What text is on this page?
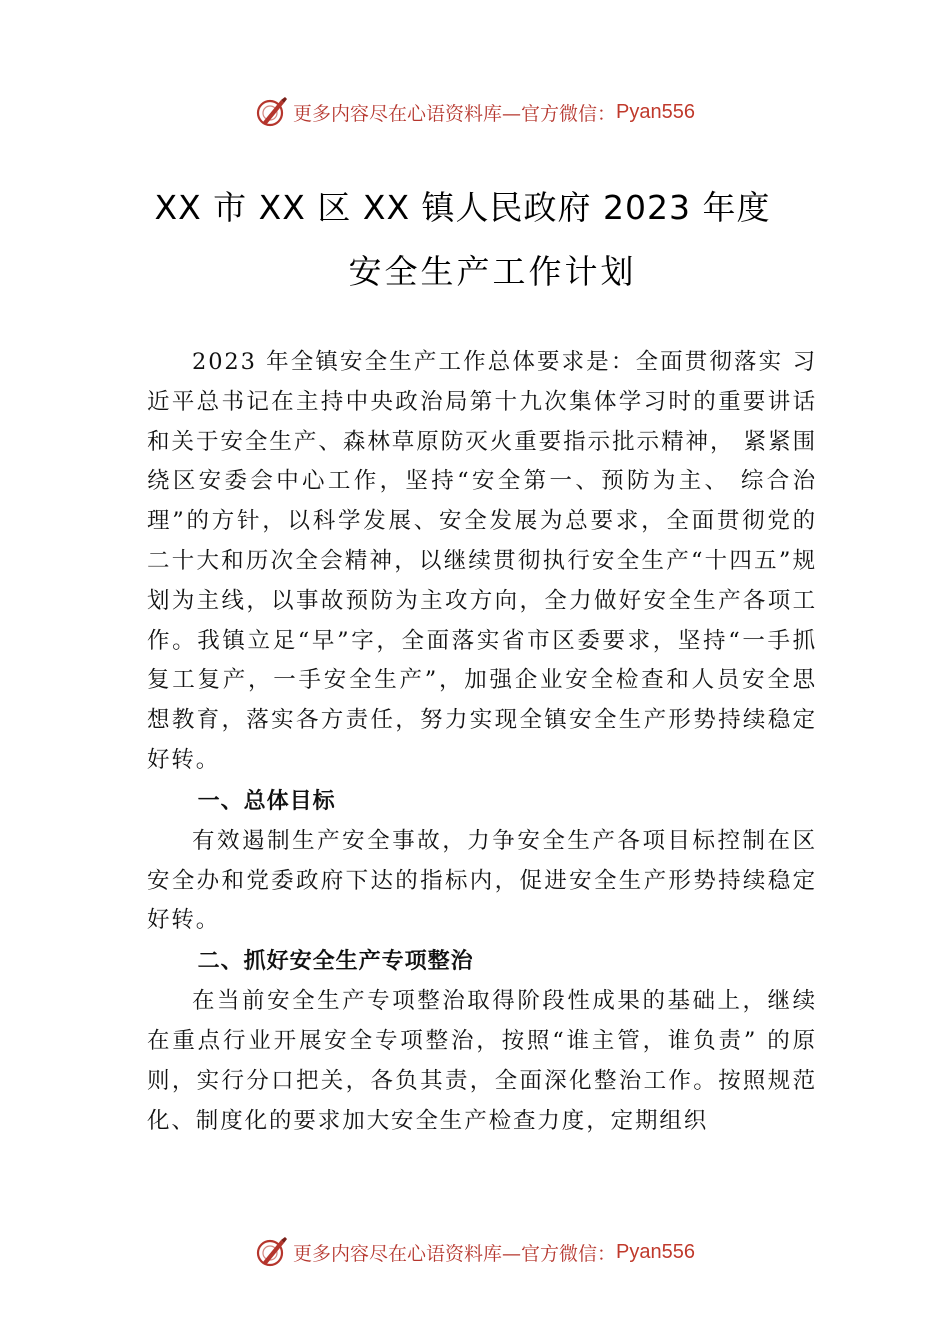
更多内容尽在心语资料库—官方微信： Pyan556
XX 市 XX 区 XX 镇人民政府 2023 年度
安全生产工作计划

2023 年全镇安全生产工作总体要求是：全面贯彻落实 习近平总书记在主持中央政治局第十九次集体学习时的重要讲话和关于安全生产、森林草原防灭火重要指示批示精神， 紧紧围绕区安委会中心工作，坚持“安全第一、预防为主、 综合治理”的方针，以科学发展、安全发展为总要求，全面贯彻党的二十大和历次全会精神，以继续贯彻执行安全生产“十四五”规划为主线，以事故预防为主攻方向，全力做好安全生产各项工作。我镇立足“早”字，全面落实省市区委要求，坚持“一手抓复工复产，一手安全生产”，加强企业安全检查和人员安全思想教育，落实各方责任，努力实现全镇安全生产形势持续稳定好转。

一、总体目标

有效遏制生产安全事故，力争安全生产各项目标控制在区安全办和党委政府下达的指标内，促进安全生产形势持续稳定好转。

二、抓好安全生产专项整治

在当前安全生产专项整治取得阶段性成果的基础上，继续在重点行业开展安全专项整治，按照“谁主管，谁负责” 的原则，实行分口把关，各负其责，全面深化整治工作。按照规范化、制度化的要求加大安全生产检查力度，定期组织

更多内容尽在心语资料库—官方微信： Pyan556
